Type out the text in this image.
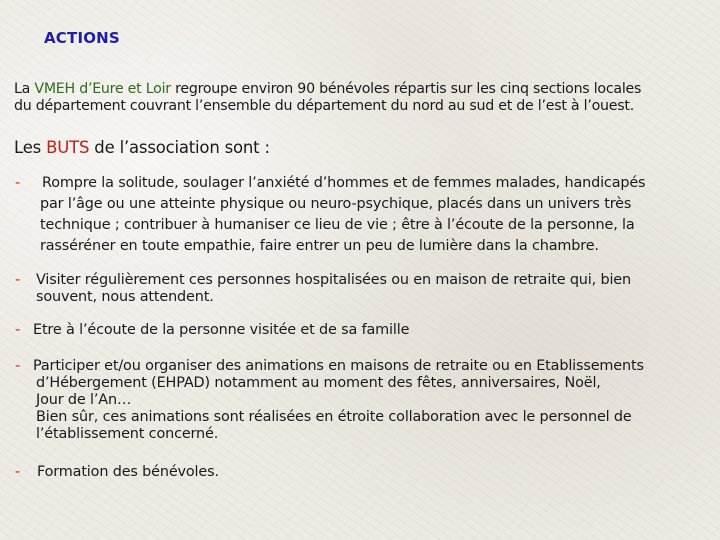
ACTIONS
La VMEH d’Eure et Loir regroupe environ 90 bénévoles répartis sur les cinq sections locales
du département couvrant l’ensemble du département du nord au sud et de l’est à l’ouest.
Les BUTS de l’association sont :
- Rompre la solitude, soulager l’anxiété d’hommes et de femmes malades, handicapés
par l’âge ou une atteinte physique ou neuro-psychique, placés dans un univers très
technique ; contribuer à humaniser ce lieu de vie ; être à l’écoute de la personne, la
rasséréner en toute empathie, faire entrer un peu de lumière dans la chambre.
- Visiter régulièrement ces personnes hospitalisées ou en maison de retraite qui, bien
souvent, nous attendent.
- Etre à l’écoute de la personne visitée et de sa famille
- Participer et/ou organiser des animations en maisons de retraite ou en Etablissements
d’Hébergement (EHPAD) notamment au moment des fêtes, anniversaires, Noël,
Jour de l’An…
Bien sûr, ces animations sont réalisées en étroite collaboration avec le personnel de
l’établissement concerné.
- Formation des bénévoles.
